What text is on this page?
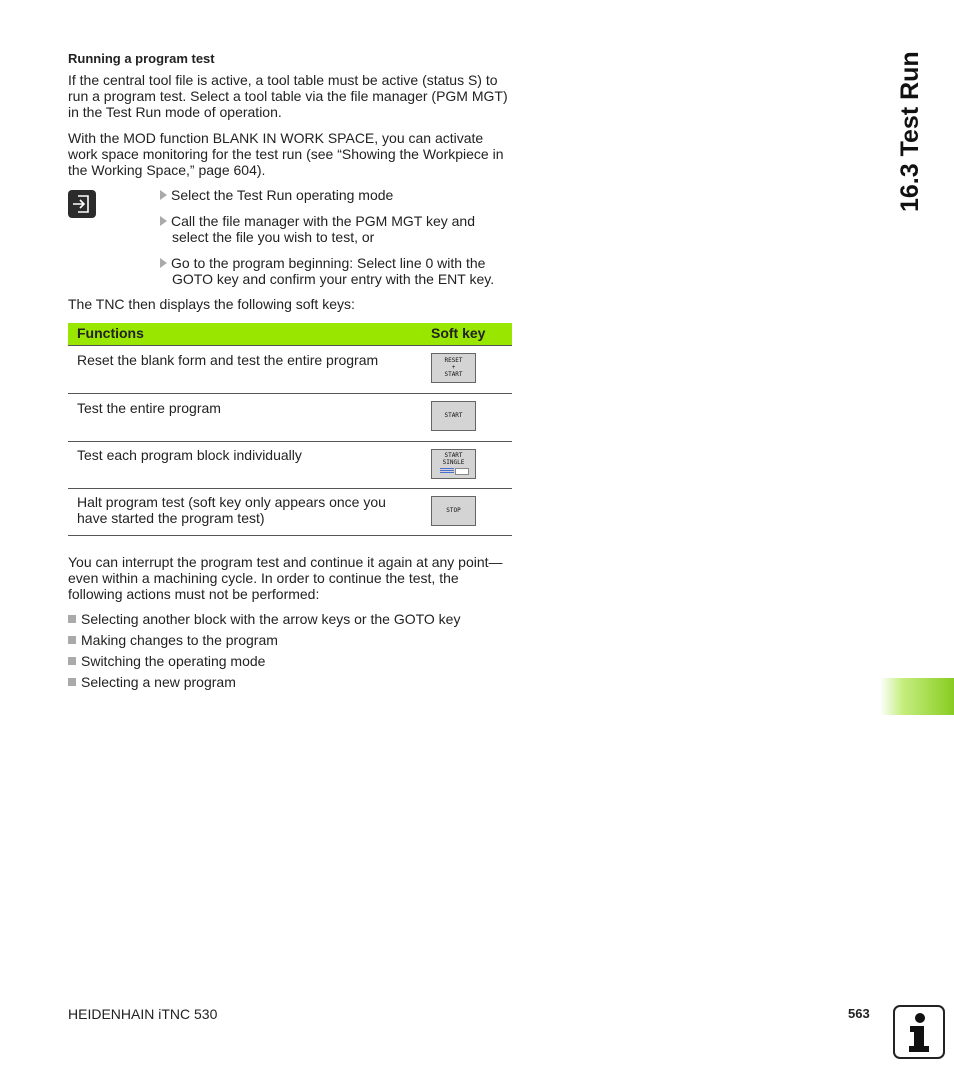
Running a program test

If the central tool file is active, a tool table must be active (status S) to run a program test. Select a tool table via the file manager (PGM MGT) in the Test Run mode of operation.

With the MOD function BLANK IN WORK SPACE, you can activate work space monitoring for the test run (see “Showing the Workpiece in the Working Space,” page 604).

Select the Test Run operating mode
Call the file manager with the PGM MGT key and
select the file you wish to test, or
Go to the program beginning: Select line 0 with the
GOTO key and confirm your entry with the ENT key.

The TNC then displays the following soft keys:

Functions	Soft key
Reset the blank form and test the entire program	RESET
+
START
Test the entire program	START
Test each program block individually	START
SINGLE
Halt program test (soft key only appears once you have started the program test)	STOP

You can interrupt the program test and continue it again at any point—even within a machining cycle. In order to continue the test, the following actions must not be performed:

Selecting another block with the arrow keys or the GOTO key
Making changes to the program
Switching the operating mode
Selecting a new program
16.3 Test Run

HEIDENHAIN iTNC 530	563
